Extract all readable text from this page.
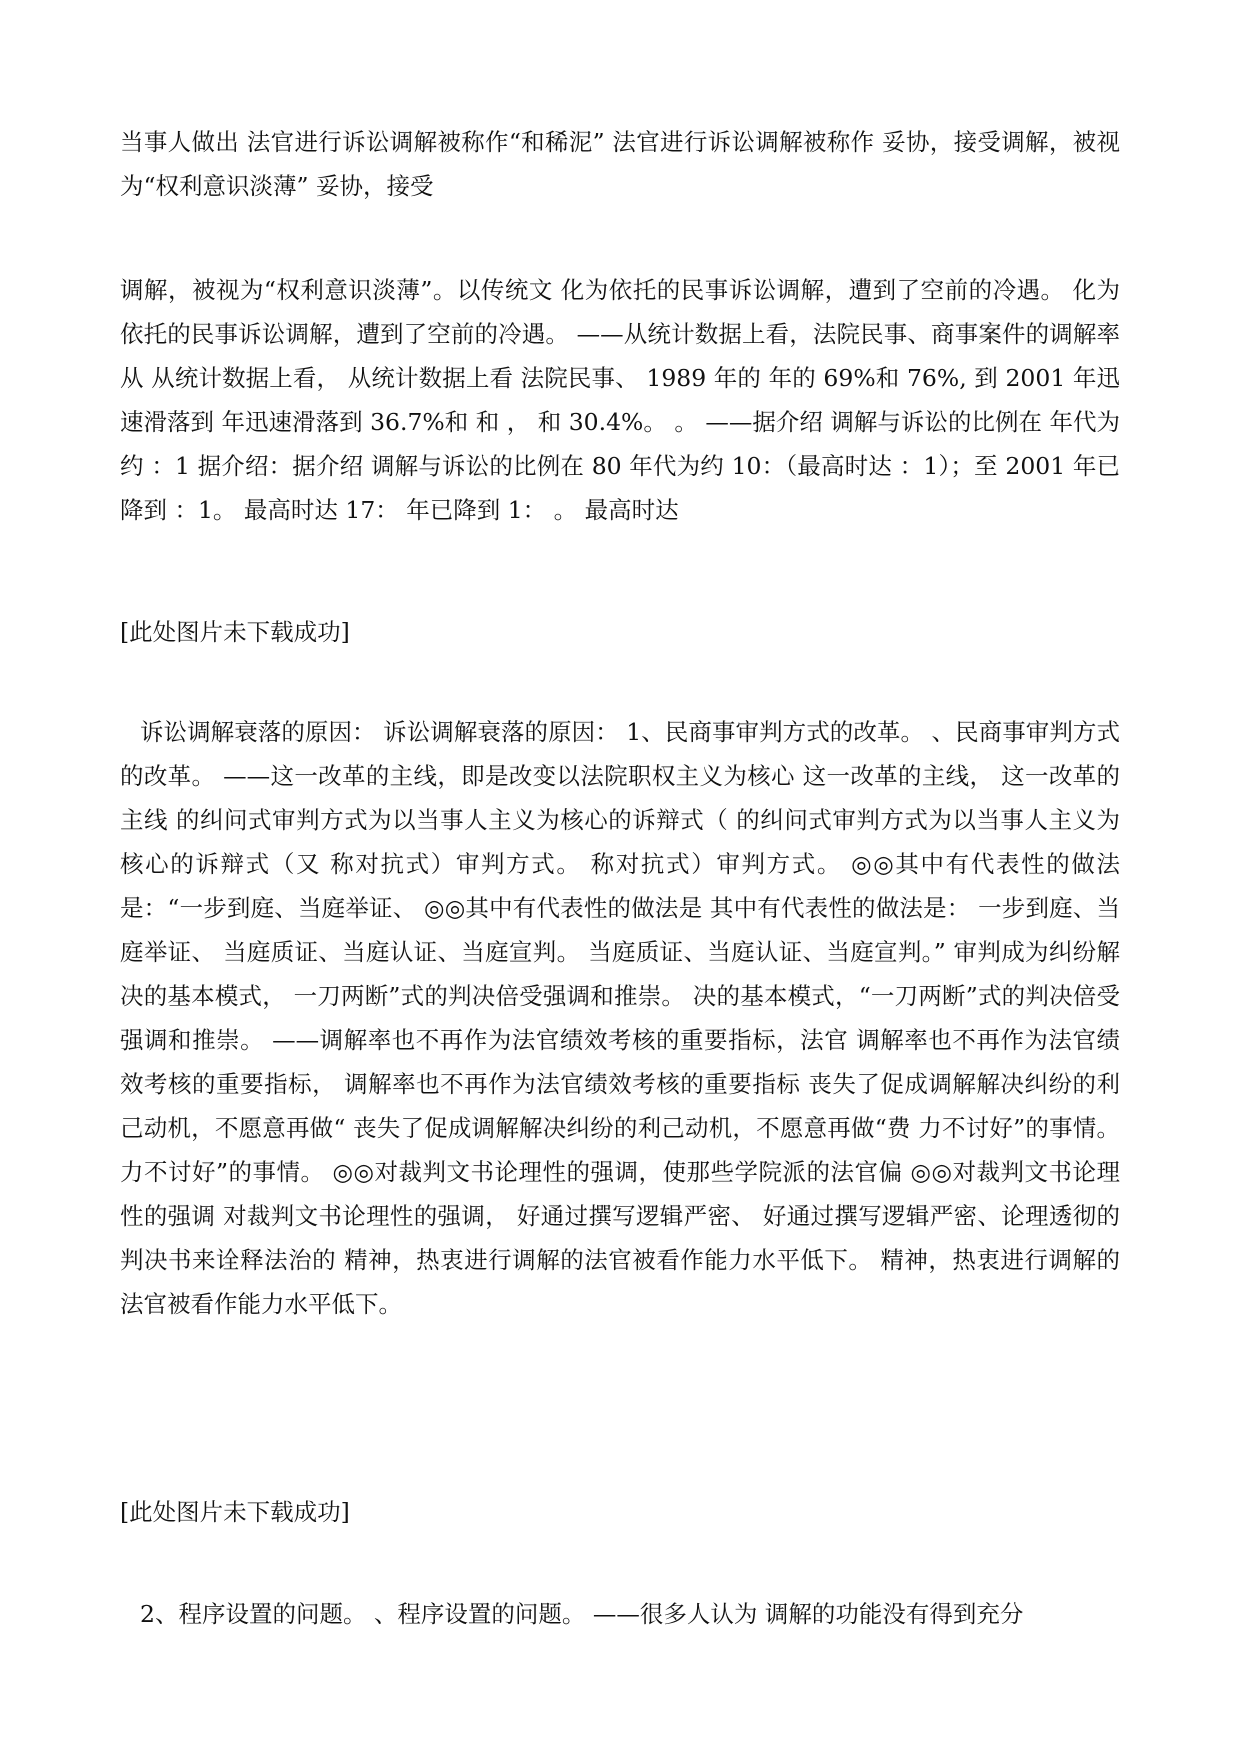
当事人做出 法官进行诉讼调解被称作“和稀泥” 法官进行诉讼调解被称作 妥协，接受调解，被视为“权利意识淡薄” 妥协，接受

调解，被视为“权利意识淡薄”。以传统文 化为依托的民事诉讼调解，遭到了空前的冷遇。 化为依托的民事诉讼调解，遭到了空前的冷遇。 ——从统计数据上看，法院民事、商事案件的调解率从 从统计数据上看， 从统计数据上看 法院民事、 1989 年的 年的 69%和 76%, 到 2001 年迅速滑落到 年迅速滑落到 36.7%和 和 ， 和 30.4%。 。 ——据介绍 调解与诉讼的比例在 年代为约 ：1 据介绍：据介绍 调解与诉讼的比例在 80 年代为约 10：（最高时达 ：1）；至 2001 年已降到 ：1。 最高时达 17： 年已降到 1： 。 最高时达

[此处图片未下载成功]

诉讼调解衰落的原因： 诉讼调解衰落的原因： 1、民商事审判方式的改革。 、民商事审判方式的改革。 ——这一改革的主线，即是改变以法院职权主义为核心 这一改革的主线， 这一改革的主线 的纠问式审判方式为以当事人主义为核心的诉辩式（ 的纠问式审判方式为以当事人主义为核心的诉辩式（又 称对抗式）审判方式。 称对抗式）审判方式。 ◎◎其中有代表性的做法是：“一步到庭、当庭举证、 ◎◎其中有代表性的做法是 其中有代表性的做法是： 一步到庭、当庭举证、 当庭质证、当庭认证、当庭宣判。 当庭质证、当庭认证、当庭宣判。” 审判成为纠纷解 决的基本模式， 一刀两断”式的判决倍受强调和推崇。 决的基本模式，“一刀两断”式的判决倍受强调和推崇。 ——调解率也不再作为法官绩效考核的重要指标，法官 调解率也不再作为法官绩效考核的重要指标， 调解率也不再作为法官绩效考核的重要指标 丧失了促成调解解决纠纷的利己动机，不愿意再做“ 丧失了促成调解解决纠纷的利己动机，不愿意再做“费 力不讨好”的事情。 力不讨好”的事情。 ◎◎对裁判文书论理性的强调，使那些学院派的法官偏 ◎◎对裁判文书论理性的强调 对裁判文书论理性的强调， 好通过撰写逻辑严密、 好通过撰写逻辑严密、论理透彻的判决书来诠释法治的 精神，热衷进行调解的法官被看作能力水平低下。 精神，热衷进行调解的法官被看作能力水平低下。

[此处图片未下载成功]

2、程序设置的问题。 、程序设置的问题。 ——很多人认为 调解的功能没有得到充分
